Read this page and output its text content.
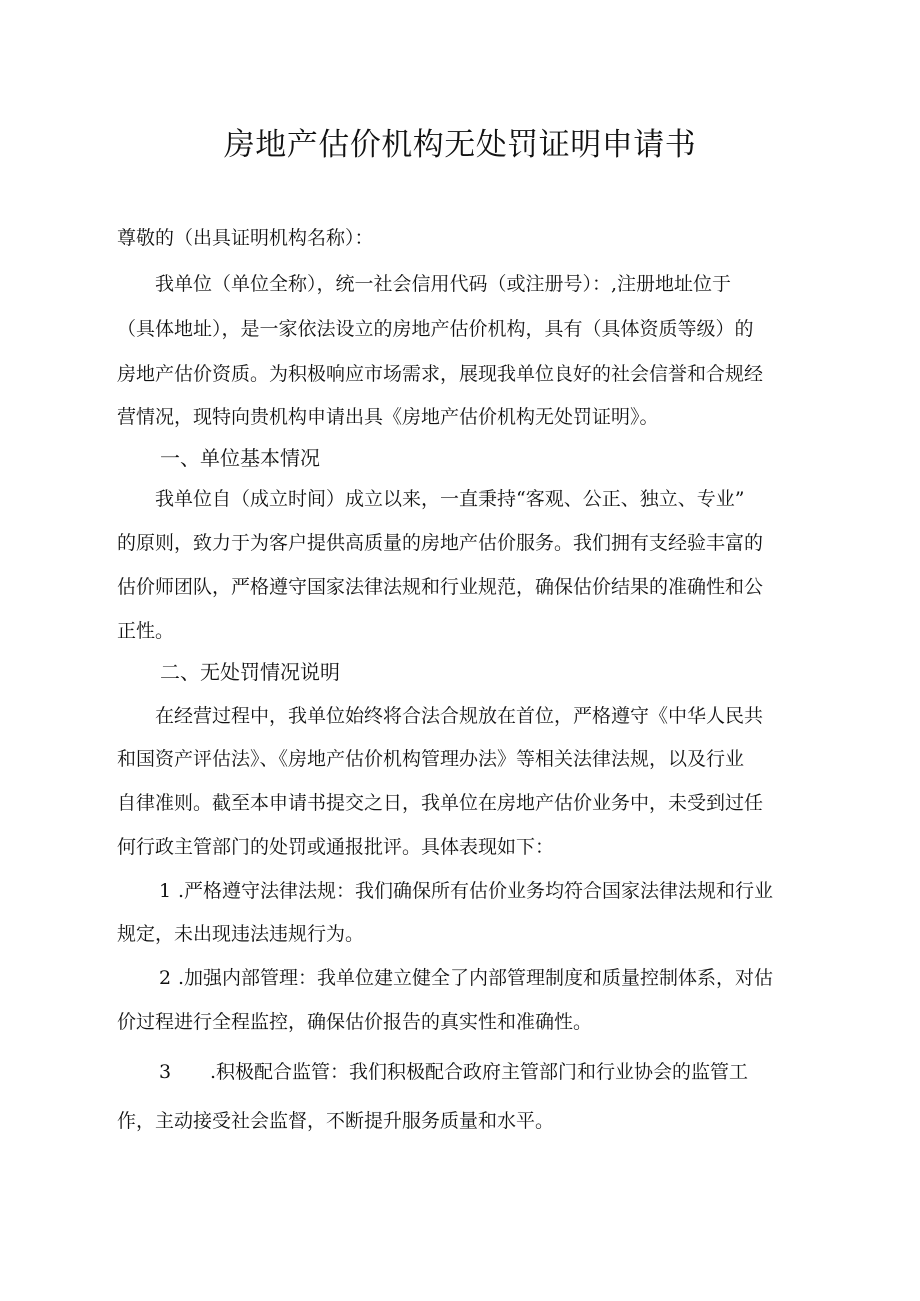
房地产估价机构无处罚证明申请书
尊敬的（出具证明机构名称）：
我单位（单位全称），统一社会信用代码（或注册号）：,注册地址位于
（具体地址），是一家依法设立的房地产估价机构，具有（具体资质等级）的
房地产估价资质。为积极响应市场需求，展现我单位良好的社会信誉和合规经
营情况，现特向贵机构申请出具《房地产估价机构无处罚证明》。
一、单位基本情况
我单位自（成立时间）成立以来，一直秉持“客观、公正、独立、专业”
的原则，致力于为客户提供高质量的房地产估价服务。我们拥有支经验丰富的
估价师团队，严格遵守国家法律法规和行业规范，确保估价结果的准确性和公
正性。
二、无处罚情况说明
在经营过程中，我单位始终将合法合规放在首位，严格遵守《中华人民共
和国资产评估法》、《房地产估价机构管理办法》等相关法律法规，以及行业
自律准则。截至本申请书提交之日，我单位在房地产估价业务中，未受到过任
何行政主管部门的处罚或通报批评。具体表现如下：
1 .严格遵守法律法规：我们确保所有估价业务均符合国家法律法规和行业
规定，未出现违法违规行为。
2 .加强内部管理：我单位建立健全了内部管理制度和质量控制体系，对估
价过程进行全程监控，确保估价报告的真实性和准确性。
3 .积极配合监管：我们积极配合政府主管部门和行业协会的监管工
作，主动接受社会监督，不断提升服务质量和水平。
